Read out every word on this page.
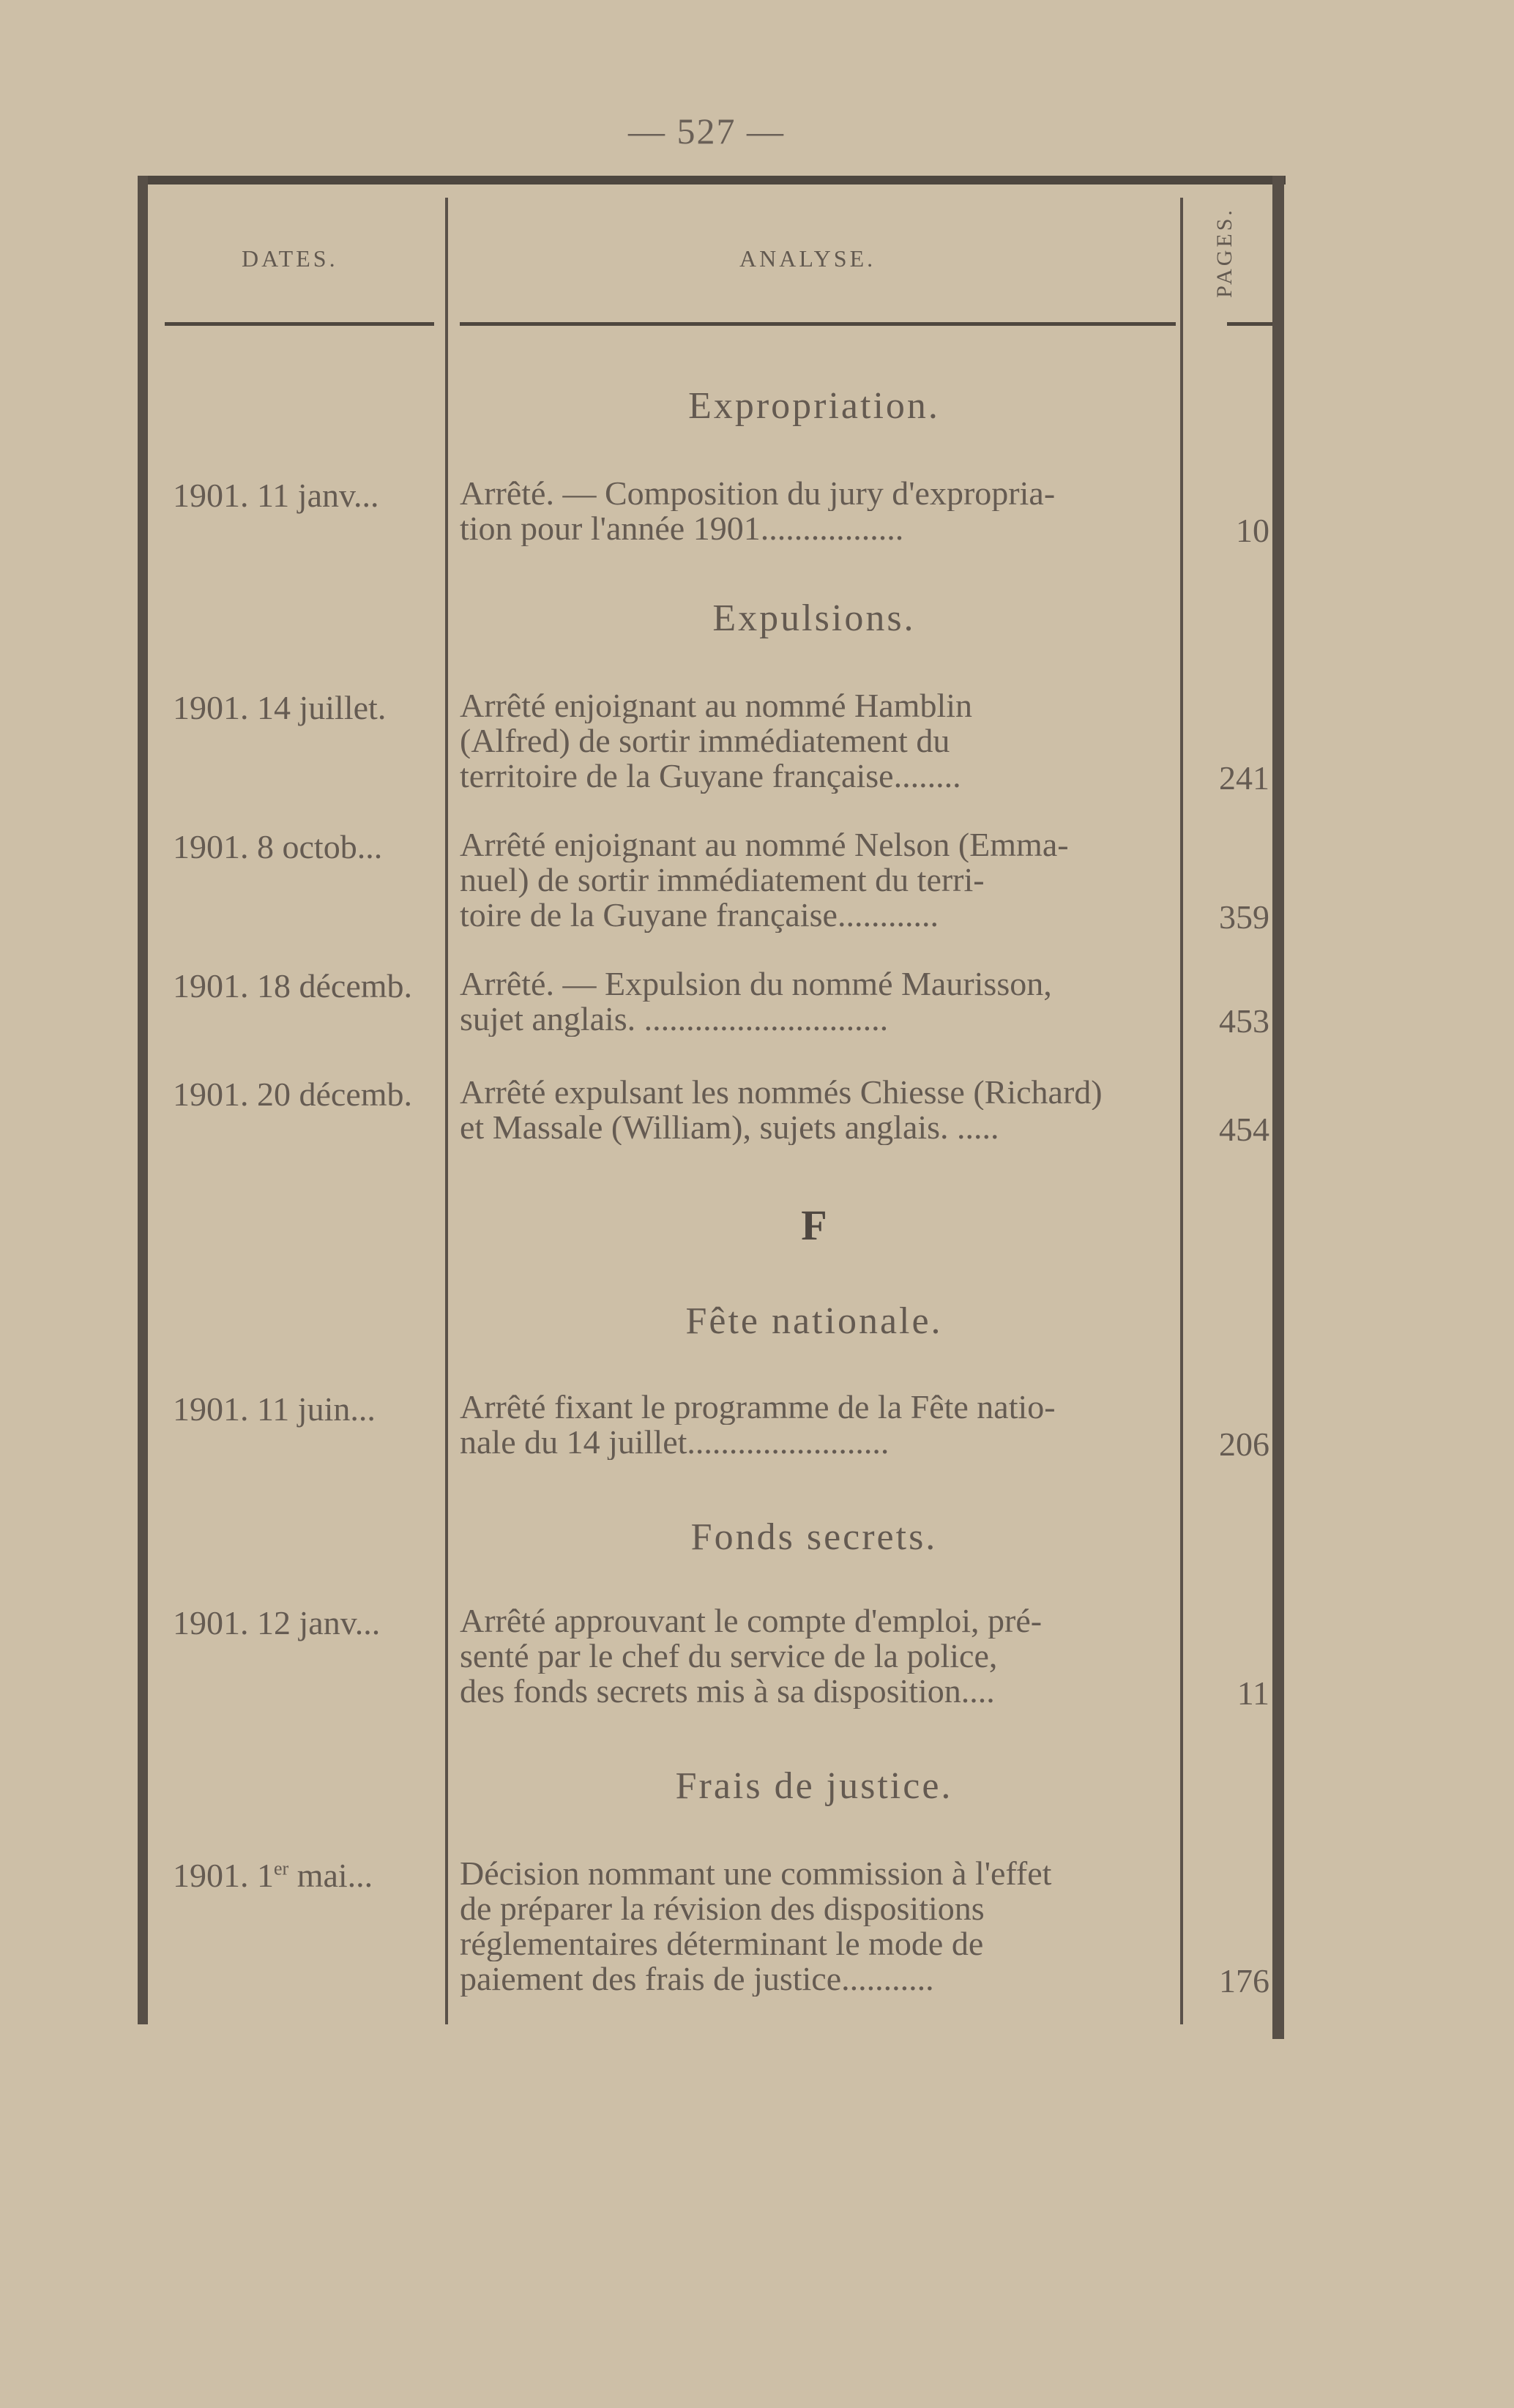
— 527 —
DATES.	ANALYSE.	PAGES.
Expropriation.
1901. 11 janv...	Arrêté. — Composition du jury d'expropria-
tion pour l'année 1901.................	10
Expulsions.
1901. 14 juillet.	Arrêté enjoignant au nommé Hamblin
(Alfred) de sortir immédiatement du
territoire de la Guyane française........	241
1901. 8 octob...	Arrêté enjoignant au nommé Nelson (Emma-
nuel) de sortir immédiatement du terri-
toire de la Guyane française............	359
1901. 18 décemb.	Arrêté. — Expulsion du nommé Maurisson,
sujet anglais. .............................	453
1901. 20 décemb.	Arrêté expulsant les nommés Chiesse (Richard)
et Massale (William), sujets anglais. .....	454
F
Fête nationale.
1901. 11 juin...	Arrêté fixant le programme de la Fête natio-
nale du 14 juillet........................	206
Fonds secrets.
1901. 12 janv...	Arrêté approuvant le compte d'emploi, pré-
senté par le chef du service de la police,
des fonds secrets mis à sa disposition....	11
Frais de justice.
1901. 1er mai...	Décision nommant une commission à l'effet
de préparer la révision des dispositions
réglementaires déterminant le mode de
paiement des frais de justice...........	176
